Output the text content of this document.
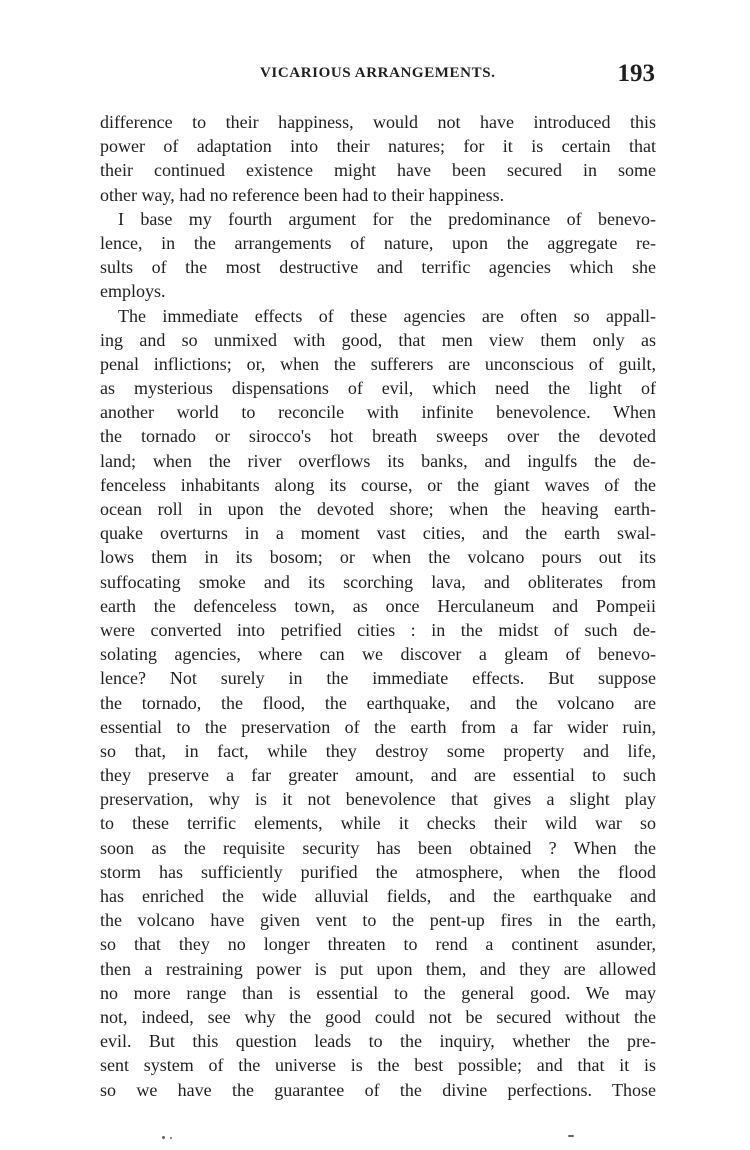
VICARIOUS ARRANGEMENTS.	193

difference to their happiness, would not have introduced this

power of adaptation into their natures; for it is certain that

their continued existence might have been secured in some

other way, had no reference been had to their happiness.

I base my fourth argument for the predominance of benevo-

lence, in the arrangements of nature, upon the aggregate re-

sults of the most destructive and terrific agencies which she

employs.

The immediate effects of these agencies are often so appall-

ing and so unmixed with good, that men view them only as

penal inflictions; or, when the sufferers are unconscious of guilt,

as mysterious dispensations of evil, which need the light of

another world to reconcile with infinite benevolence. When

the tornado or sirocco's hot breath sweeps over the devoted

land; when the river overflows its banks, and ingulfs the de-

fenceless inhabitants along its course, or the giant waves of the

ocean roll in upon the devoted shore; when the heaving earth-

quake overturns in a moment vast cities, and the earth swal-

lows them in its bosom; or when the volcano pours out its

suffocating smoke and its scorching lava, and obliterates from

earth the defenceless town, as once Herculaneum and Pompeii

were converted into petrified cities : in the midst of such de-

solating agencies, where can we discover a gleam of benevo-

lence? Not surely in the immediate effects. But suppose

the tornado, the flood, the earthquake, and the volcano are

essential to the preservation of the earth from a far wider ruin,

so that, in fact, while they destroy some property and life,

they preserve a far greater amount, and are essential to such

preservation, why is it not benevolence that gives a slight play

to these terrific elements, while it checks their wild war so

soon as the requisite security has been obtained ? When the

storm has sufficiently purified the atmosphere, when the flood

has enriched the wide alluvial fields, and the earthquake and

the volcano have given vent to the pent-up fires in the earth,

so that they no longer threaten to rend a continent asunder,

then a restraining power is put upon them, and they are allowed

no more range than is essential to the general good. We may

not, indeed, see why the good could not be secured without the

evil. But this question leads to the inquiry, whether the pre-

sent system of the universe is the best possible; and that it is

so we have the guarantee of the divine perfections. Those
